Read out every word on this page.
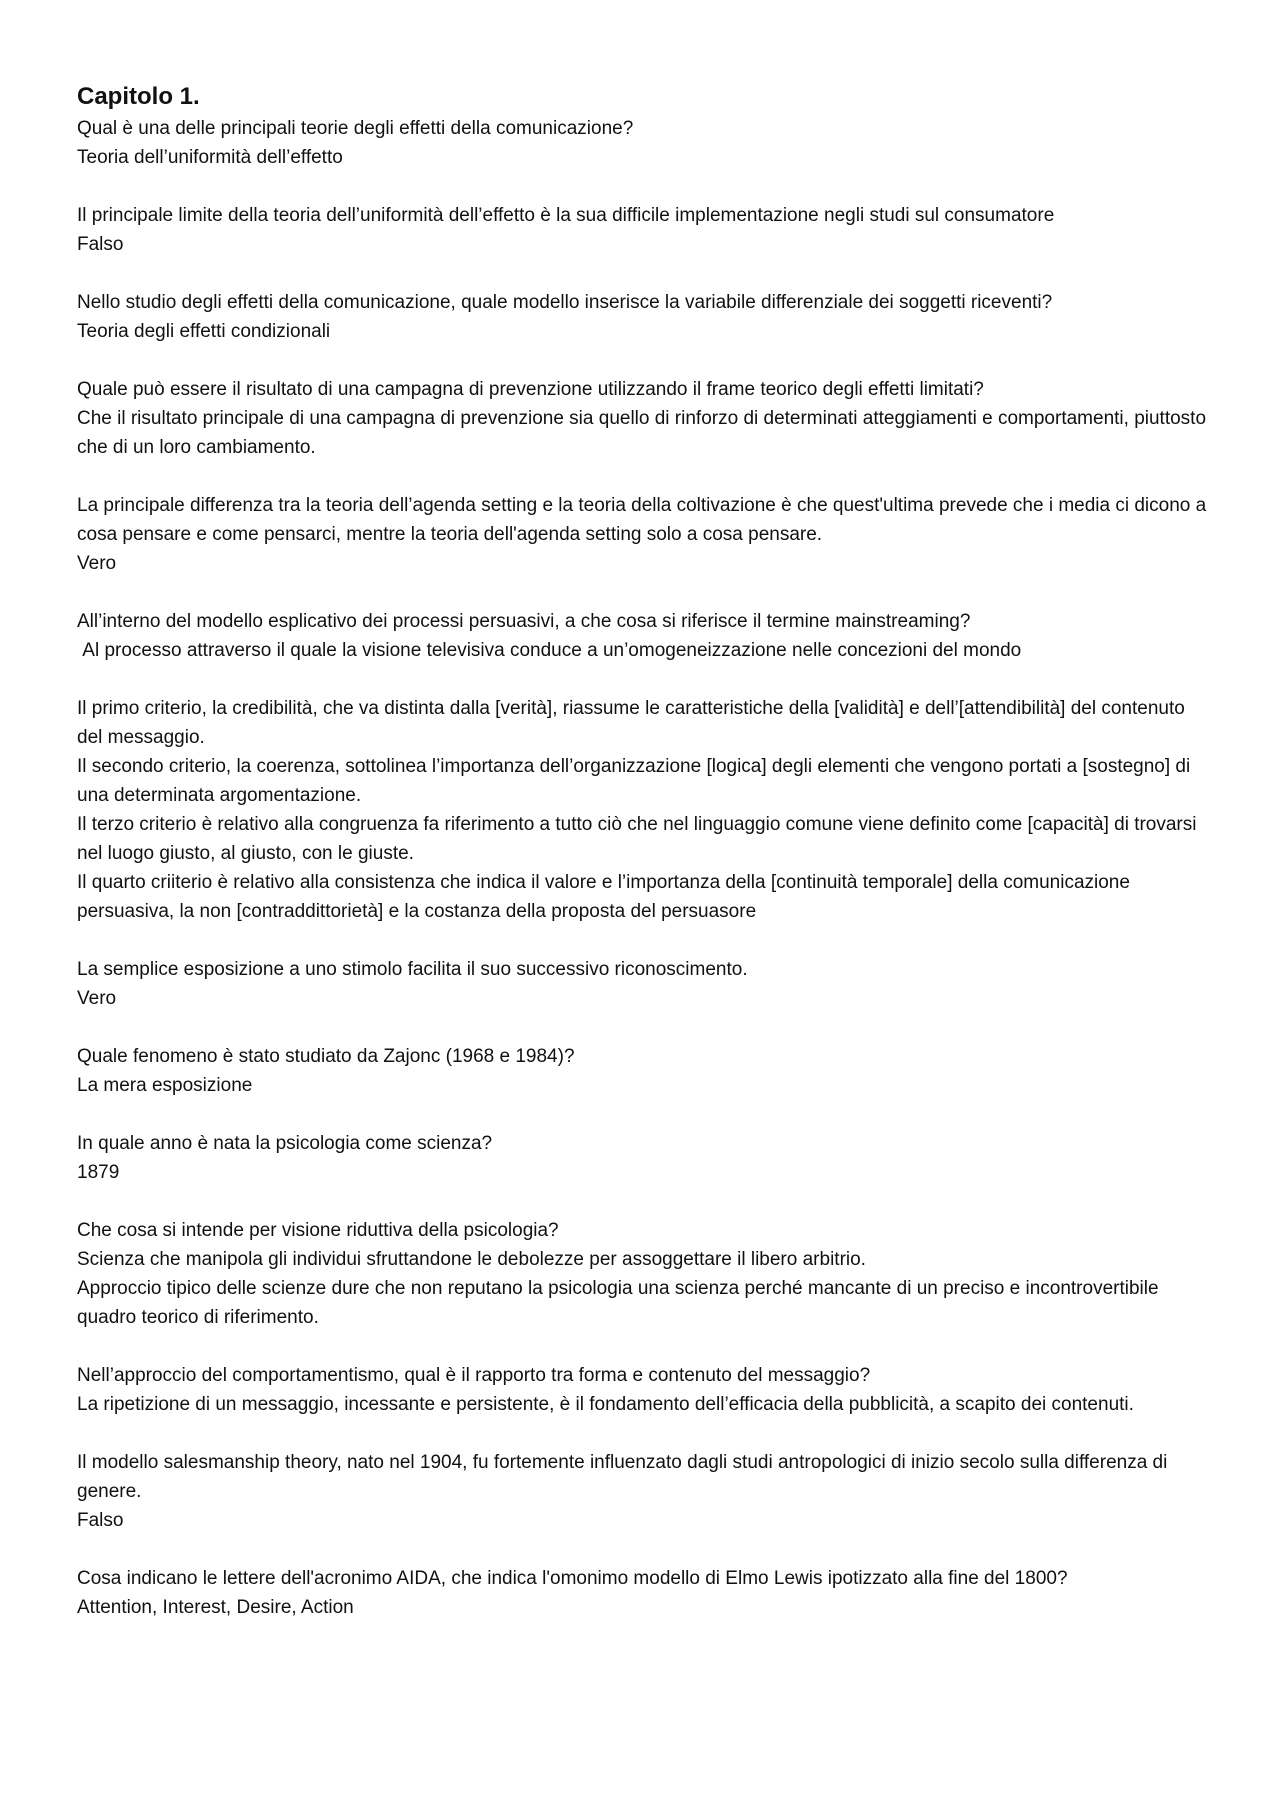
Capitolo 1.
Qual è una delle principali teorie degli effetti della comunicazione?
Teoria dell’uniformità dell’effetto
Il principale limite della teoria dell’uniformità dell’effetto è la sua difficile implementazione negli studi sul consumatore
Falso
Nello studio degli effetti della comunicazione, quale modello inserisce la variabile differenziale dei soggetti riceventi?
Teoria degli effetti condizionali
Quale può essere il risultato di una campagna di prevenzione utilizzando il frame teorico degli effetti limitati?
Che il risultato principale di una campagna di prevenzione sia quello di rinforzo di determinati atteggiamenti e comportamenti, piuttosto che di un loro cambiamento.
La principale differenza tra la teoria dell’agenda setting e la teoria della coltivazione è che quest'ultima prevede che i media ci dicono a cosa pensare e come pensarci, mentre la teoria dell'agenda setting solo a cosa pensare.
Vero
All’interno del modello esplicativo dei processi persuasivi, a che cosa si riferisce il termine mainstreaming?
Al processo attraverso il quale la visione televisiva conduce a un’omogeneizzazione nelle concezioni del mondo
Il primo criterio, la credibilità, che va distinta dalla [verità], riassume le caratteristiche della [validità] e dell’[attendibilità] del contenuto del messaggio.
Il secondo criterio, la coerenza, sottolinea l’importanza dell’organizzazione [logica] degli elementi che vengono portati a [sostegno] di una determinata argomentazione.
Il terzo criterio è relativo alla congruenza fa riferimento a tutto ciò che nel linguaggio comune viene definito come [capacità] di trovarsi nel luogo giusto, al giusto, con le giuste.
Il quarto criiterio è relativo alla consistenza che indica il valore e l’importanza della [continuità temporale] della comunicazione persuasiva, la non [contraddittorietà] e la costanza della proposta del persuasore
La semplice esposizione a uno stimolo facilita il suo successivo riconoscimento.
Vero
Quale fenomeno è stato studiato da Zajonc (1968 e 1984)?
La mera esposizione
In quale anno è nata la psicologia come scienza?
1879
Che cosa si intende per visione riduttiva della psicologia?
Scienza che manipola gli individui sfruttandone le debolezze per assoggettare il libero arbitrio.
Approccio tipico delle scienze dure che non reputano la psicologia una scienza perché mancante di un preciso e incontrovertibile quadro teorico di riferimento.
Nell’approccio del comportamentismo, qual è il rapporto tra forma e contenuto del messaggio?
La ripetizione di un messaggio, incessante e persistente, è il fondamento dell’efficacia della pubblicità, a scapito dei contenuti.
Il modello salesmanship theory, nato nel 1904, fu fortemente influenzato dagli studi antropologici di inizio secolo sulla differenza di genere.
Falso
Cosa indicano le lettere dell'acronimo AIDA, che indica l'omonimo modello di Elmo Lewis ipotizzato alla fine del 1800?
Attention, Interest, Desire, Action
